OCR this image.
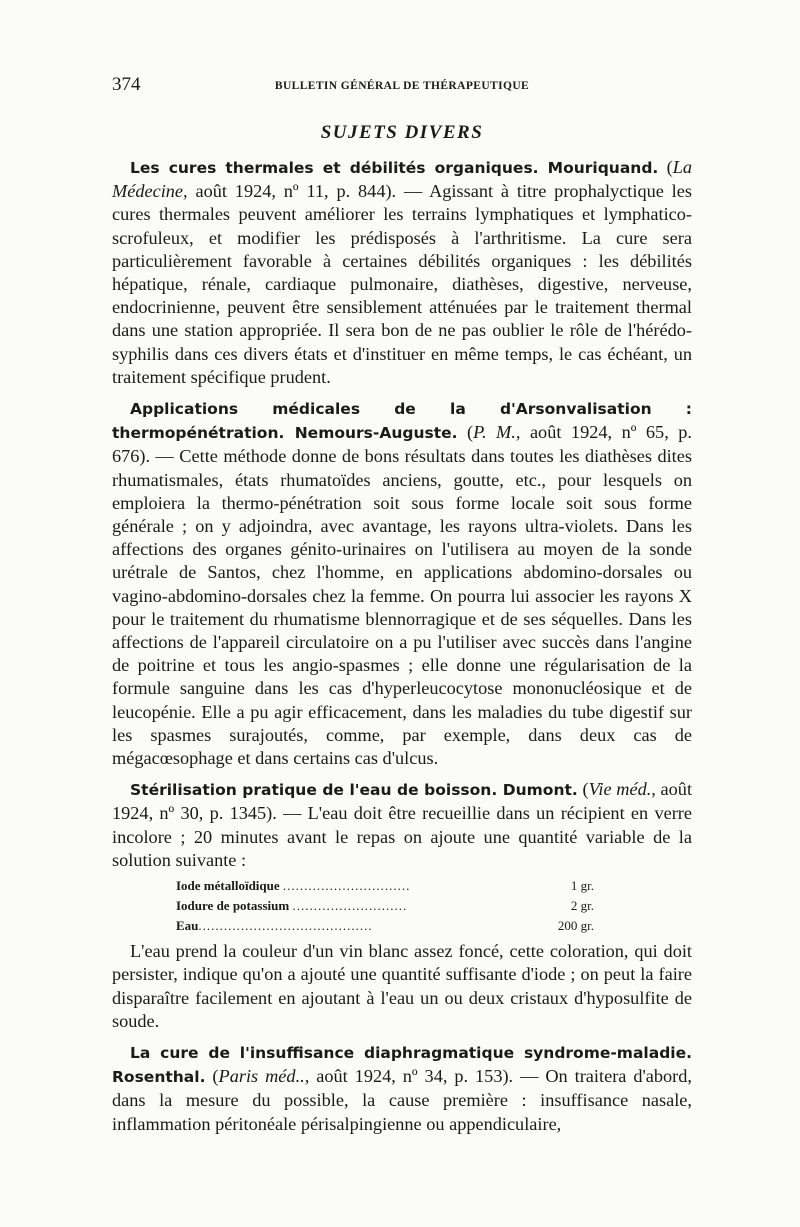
374	BULLETIN GÉNÉRAL DE THÉRAPEUTIQUE
SUJETS DIVERS

Les cures thermales et débilités organiques. Mouriquand. (La Médecine, août 1924, nº 11, p. 844). — Agissant à titre prophalyctique les cures thermales peuvent améliorer les terrains lymphatiques et lymphatico-scrofuleux, et modifier les prédisposés à l'arthritisme. La cure sera particulièrement favorable à certaines débilités organiques : les débilités hépatique, rénale, cardiaque pulmonaire, diathèses, digestive, nerveuse, endocrinienne, peuvent être sensiblement atténuées par le traitement thermal dans une station appropriée. Il sera bon de ne pas oublier le rôle de l'hérédo-syphilis dans ces divers états et d'instituer en même temps, le cas échéant, un traitement spécifique prudent.

Applications médicales de la d'Arsonvalisation : thermopénétration. Nemours-Auguste. (P. M., août 1924, nº 65, p. 676). — Cette méthode donne de bons résultats dans toutes les diathèses dites rhumatismales, états rhumatoïdes anciens, goutte, etc., pour lesquels on emploiera la thermo-pénétration soit sous forme locale soit sous forme générale ; on y adjoindra, avec avantage, les rayons ultra-violets. Dans les affections des organes génito-urinaires on l'utilisera au moyen de la sonde urétrale de Santos, chez l'homme, en applications abdomino-dorsales ou vagino-abdomino-dorsales chez la femme. On pourra lui associer les rayons X pour le traitement du rhumatisme blennorragique et de ses séquelles. Dans les affections de l'appareil circulatoire on a pu l'utiliser avec succès dans l'angine de poitrine et tous les angio-spasmes ; elle donne une régularisation de la formule sanguine dans les cas d'hyperleucocytose mononucléosique et de leucopénie. Elle a pu agir efficacement, dans les maladies du tube digestif sur les spasmes surajoutés, comme, par exemple, dans deux cas de mégacœsophage et dans certains cas d'ulcus.

Stérilisation pratique de l'eau de boisson. Dumont. (Vie méd., août 1924, nº 30, p. 1345). — L'eau doit être recueillie dans un récipient en verre incolore ; 20 minutes avant le repas on ajoute une quantité variable de la solution suivante :

Iode métalloïdique ..............................	1 gr.
Iodure de potassium ...........................	2 gr.
Eau.........................................	200 gr.

L'eau prend la couleur d'un vin blanc assez foncé, cette coloration, qui doit persister, indique qu'on a ajouté une quantité suffisante d'iode ; on peut la faire disparaître facilement en ajoutant à l'eau un ou deux cristaux d'hyposulfite de soude.

La cure de l'insuffisance diaphragmatique syndrome-maladie. Rosenthal. (Paris méd.., août 1924, nº 34, p. 153). — On traitera d'abord, dans la mesure du possible, la cause première : insuffisance nasale, inflammation péritonéale périsalpingienne ou appendiculaire,
